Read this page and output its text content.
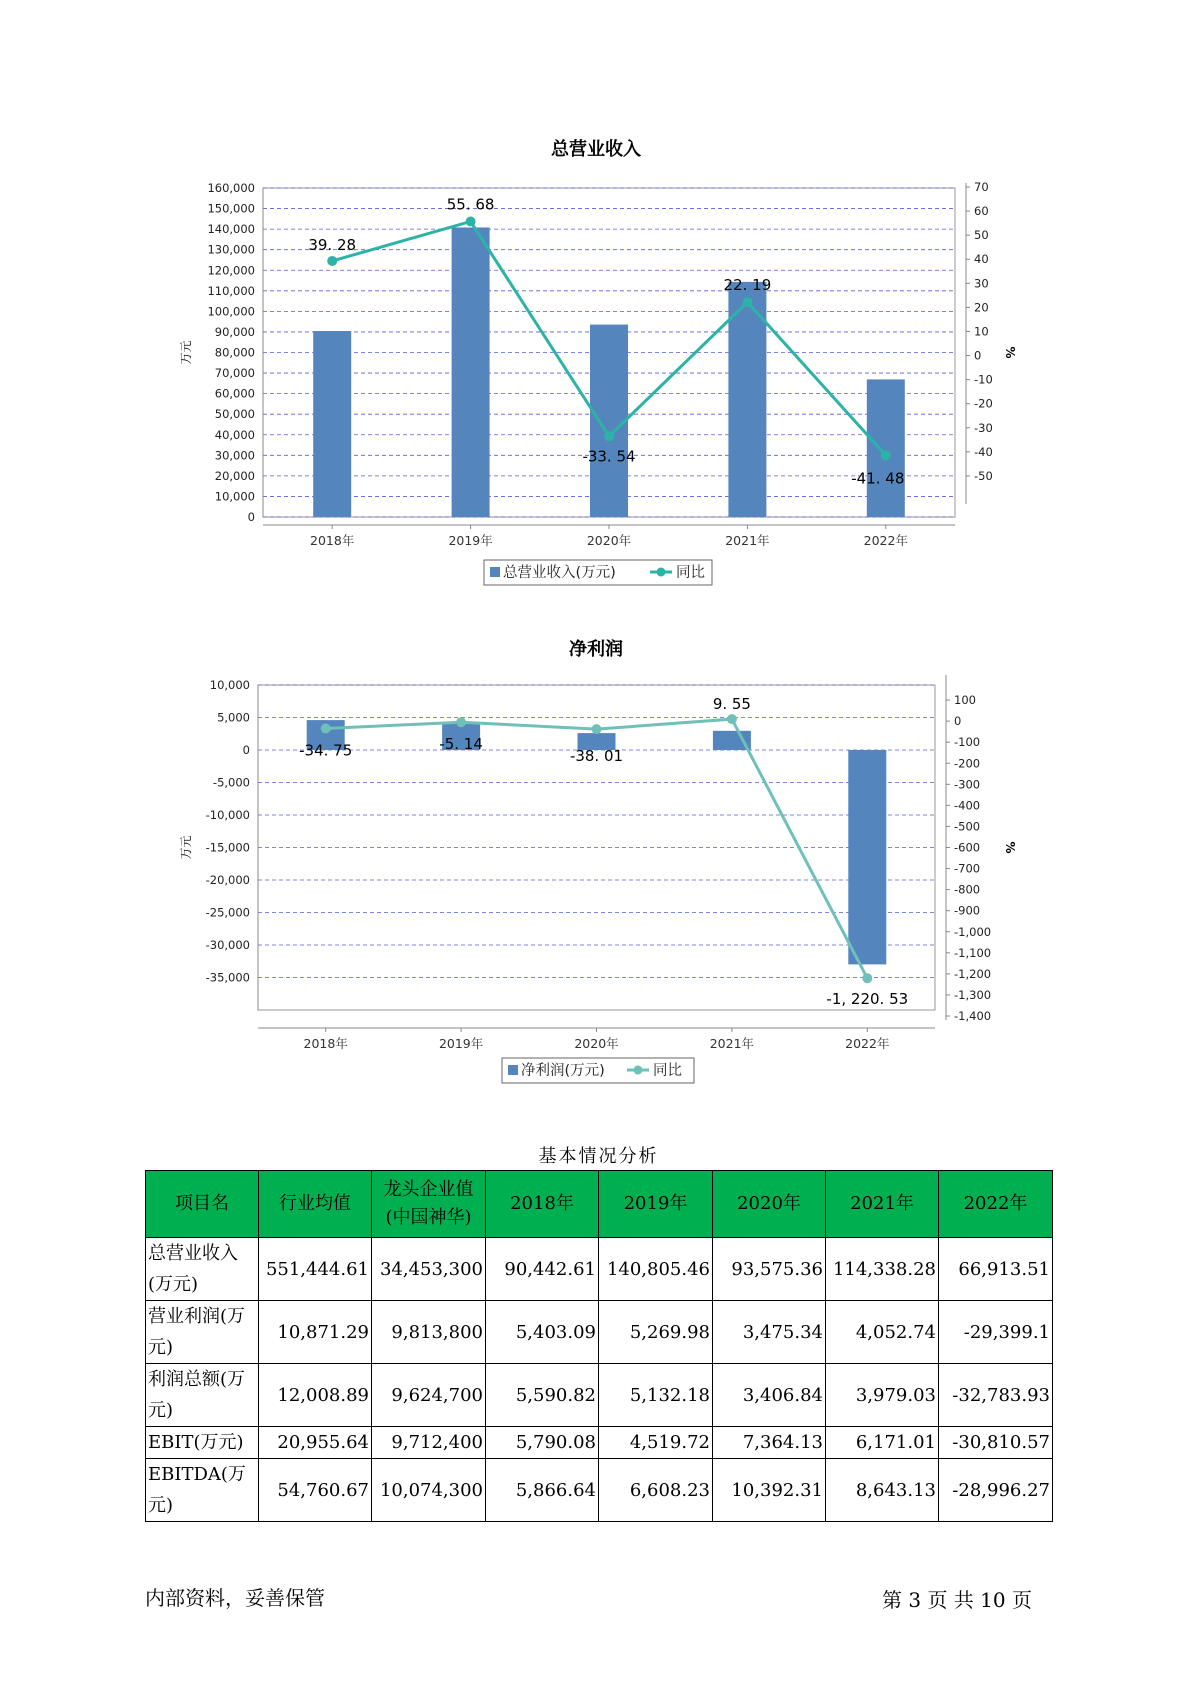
总营业收入
0
10,000
20,000
30,000
40,000
50,000
60,000
70,000
80,000
90,000
100,000
110,000
120,000
130,000
140,000
150,000
160,000
-50
-40
-30
-20
-10
0
10
20
30
40
50
60
70
万元	%
2018年	2019年	2020年	2021年	2022年
39. 28
55. 68
-33. 54
22. 19
-41. 48
总营业收入(万元)	同比
净利润
-35,000
-30,000
-25,000
-20,000
-15,000
-10,000
-5,000
0
5,000
10,000
-1,400
-1,300
-1,200
-1,100
-1,000
-900
-800
-700
-600
-500
-400
-300
-200
-100
0
100
万元	%
2018年	2019年	2020年	2021年	2022年
-34. 75	-5. 14
-38. 01
9. 55
-1, 220. 53
净利润(万元)	同比
基本情况分析
项目名	行业均值	龙头企业值(中国神华)	2018年	2019年	2020年	2021年	2022年
总营业收入(万元)	551,444.61	34,453,300	90,442.61	140,805.46	93,575.36	114,338.28	66,913.51
营业利润(万元)	10,871.29	9,813,800	5,403.09	5,269.98	3,475.34	4,052.74	-29,399.1
利润总额(万元)	12,008.89	9,624,700	5,590.82	5,132.18	3,406.84	3,979.03	-32,783.93
EBIT(万元)	20,955.64	9,712,400	5,790.08	4,519.72	7,364.13	6,171.01	-30,810.57
EBITDA(万元)	54,760.67	10,074,300	5,866.64	6,608.23	10,392.31	8,643.13	-28,996.27
内部资料，妥善保管	第 3 页 共 10 页
